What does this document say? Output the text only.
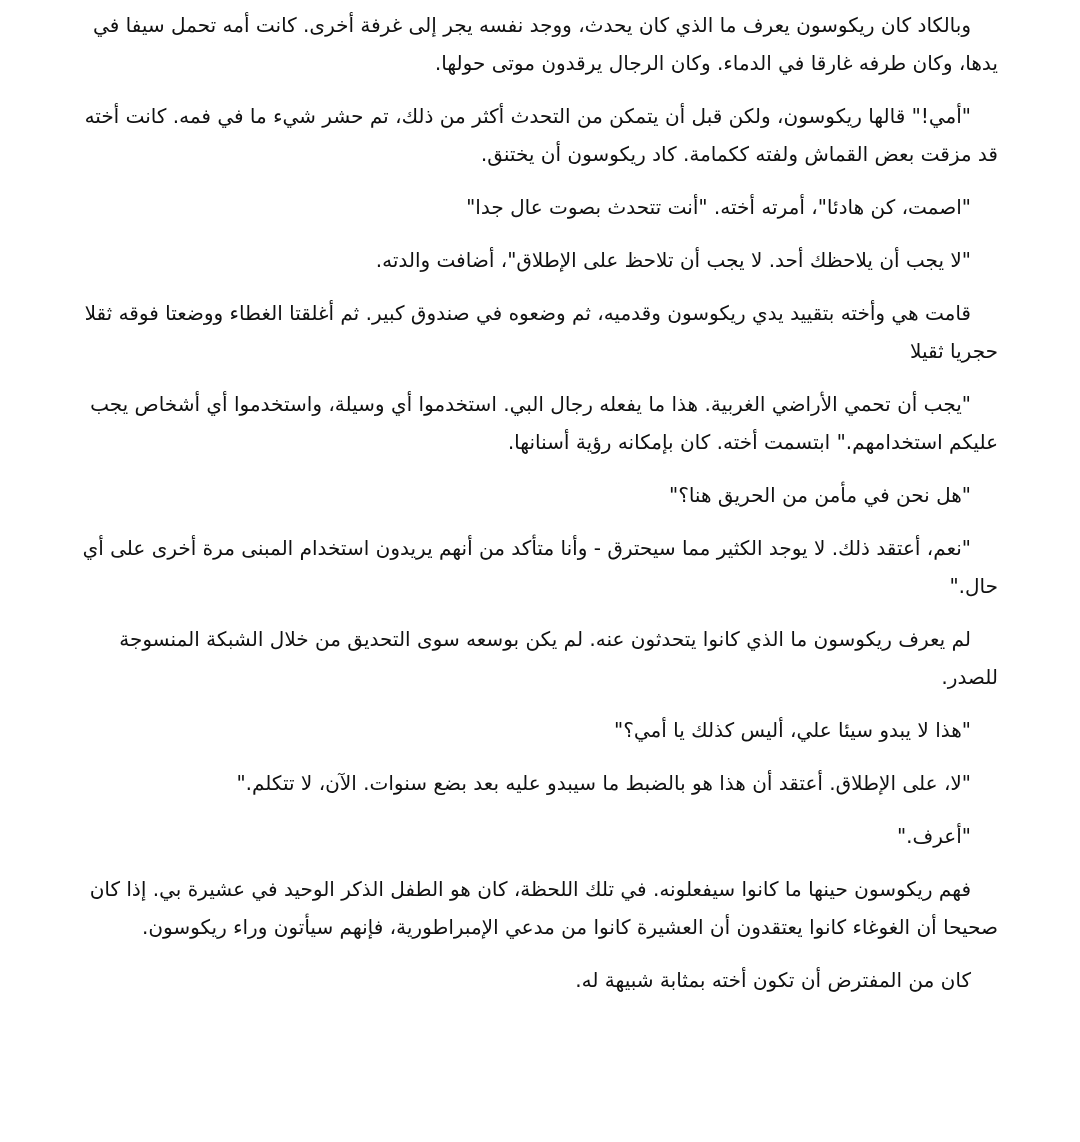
وبالكاد كان ريكوسون يعرف ما الذي كان يحدث، ووجد نفسه يجر إلى غرفة أخرى. كانت أمه تحمل سيفا في يدها، وكان طرفه غارقا في الدماء. وكان الرجال يرقدون موتى حولها.

"أمي!" قالها ريكوسون، ولكن قبل أن يتمكن من التحدث أكثر من ذلك، تم حشر شيء ما في فمه. كانت أخته قد مزقت بعض القماش ولفته ككمامة. كاد ريكوسون أن يختنق.

"اصمت، كن هادئا"، أمرته أخته. "أنت تتحدث بصوت عال جدا"

"لا يجب أن يلاحظك أحد. لا يجب أن تلاحظ على الإطلاق"، أضافت والدته.

قامت هي وأخته بتقييد يدي ريكوسون وقدميه، ثم وضعوه في صندوق كبير. ثم أغلقتا الغطاء ووضعتا فوقه ثقلا حجريا ثقيلا

"يجب أن تحمي الأراضي الغربية. هذا ما يفعله رجال البي. استخدموا أي وسيلة، واستخدموا أي أشخاص يجب عليكم استخدامهم." ابتسمت أخته. كان بإمكانه رؤية أسنانها.

"هل نحن في مأمن من الحريق هنا؟"

"نعم، أعتقد ذلك. لا يوجد الكثير مما سيحترق - وأنا متأكد من أنهم يريدون استخدام المبنى مرة أخرى على أي حال."

لم يعرف ريكوسون ما الذي كانوا يتحدثون عنه. لم يكن بوسعه سوى التحديق من خلال الشبكة المنسوجة للصدر.

"هذا لا يبدو سيئا علي، أليس كذلك يا أمي؟"

"لا، على الإطلاق. أعتقد أن هذا هو بالضبط ما سيبدو عليه بعد بضع سنوات. الآن، لا تتكلم."

"أعرف."

فهم ريكوسون حينها ما كانوا سيفعلونه. في تلك اللحظة، كان هو الطفل الذكر الوحيد في عشيرة بي. إذا كان صحيحا أن الغوغاء كانوا يعتقدون أن العشيرة كانوا من مدعي الإمبراطورية، فإنهم سيأتون وراء ريكوسون.

كان من المفترض أن تكون أخته بمثابة شبيهة له.
